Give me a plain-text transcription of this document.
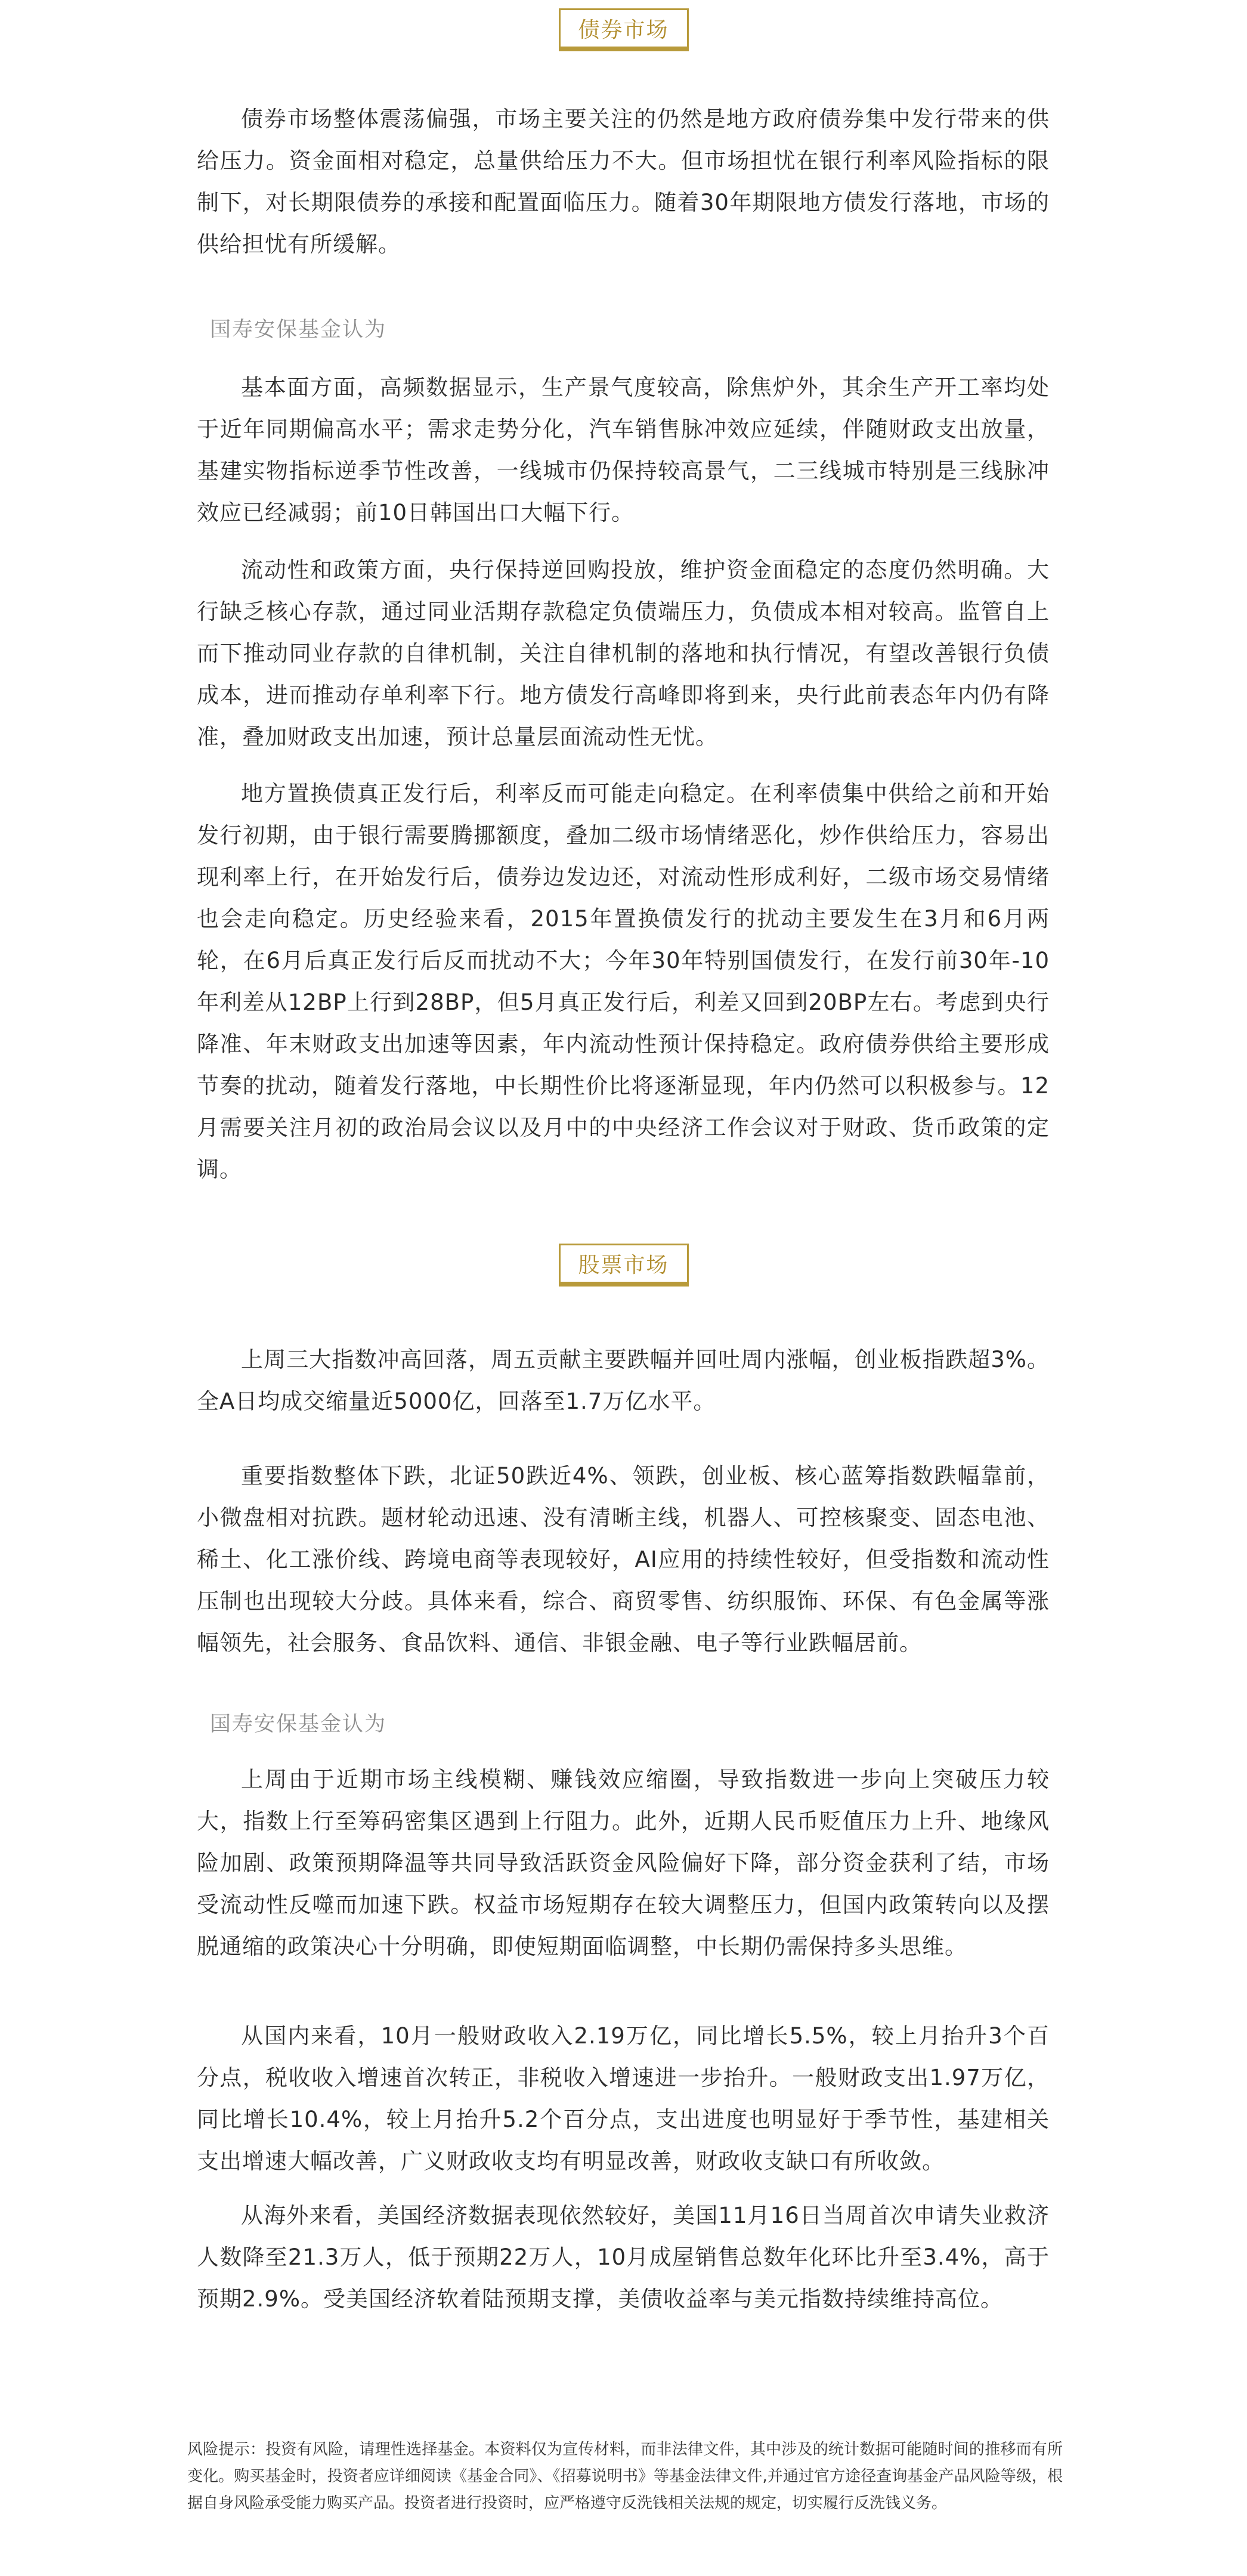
债券市场

债券市场整体震荡偏强，市场主要关注的仍然是地方政府债券集中发行带来的供给压力。资金面相对稳定，总量供给压力不大。但市场担忧在银行利率风险指标的限制下，对长期限债券的承接和配置面临压力。随着30年期限地方债发行落地，市场的供给担忧有所缓解。

国寿安保基金认为

基本面方面，高频数据显示，生产景气度较高，除焦炉外，其余生产开工率均处于近年同期偏高水平；需求走势分化，汽车销售脉冲效应延续，伴随财政支出放量，基建实物指标逆季节性改善，一线城市仍保持较高景气，二三线城市特别是三线脉冲效应已经减弱；前10日韩国出口大幅下行。

流动性和政策方面，央行保持逆回购投放，维护资金面稳定的态度仍然明确。大行缺乏核心存款，通过同业活期存款稳定负债端压力，负债成本相对较高。监管自上而下推动同业存款的自律机制，关注自律机制的落地和执行情况，有望改善银行负债成本，进而推动存单利率下行。地方债发行高峰即将到来，央行此前表态年内仍有降准，叠加财政支出加速，预计总量层面流动性无忧。

地方置换债真正发行后，利率反而可能走向稳定。在利率债集中供给之前和开始发行初期，由于银行需要腾挪额度，叠加二级市场情绪恶化，炒作供给压力，容易出现利率上行，在开始发行后，债券边发边还，对流动性形成利好，二级市场交易情绪也会走向稳定。历史经验来看，2015年置换债发行的扰动主要发生在3月和6月两轮，在6月后真正发行后反而扰动不大；今年30年特别国债发行，在发行前30年-10年利差从12BP上行到28BP，但5月真正发行后，利差又回到20BP左右。考虑到央行降准、年末财政支出加速等因素，年内流动性预计保持稳定。政府债券供给主要形成节奏的扰动，随着发行落地，中长期性价比将逐渐显现，年内仍然可以积极参与。12月需要关注月初的政治局会议以及月中的中央经济工作会议对于财政、货币政策的定调。

股票市场

上周三大指数冲高回落，周五贡献主要跌幅并回吐周内涨幅，创业板指跌超3%。全A日均成交缩量近5000亿，回落至1.7万亿水平。

重要指数整体下跌，北证50跌近4%、领跌，创业板、核心蓝筹指数跌幅靠前，小微盘相对抗跌。题材轮动迅速、没有清晰主线，机器人、可控核聚变、固态电池、稀土、化工涨价线、跨境电商等表现较好，AI应用的持续性较好，但受指数和流动性压制也出现较大分歧。具体来看，综合、商贸零售、纺织服饰、环保、有色金属等涨幅领先，社会服务、食品饮料、通信、非银金融、电子等行业跌幅居前。

国寿安保基金认为

上周由于近期市场主线模糊、赚钱效应缩圈，导致指数进一步向上突破压力较大，指数上行至筹码密集区遇到上行阻力。此外，近期人民币贬值压力上升、地缘风险加剧、政策预期降温等共同导致活跃资金风险偏好下降，部分资金获利了结，市场受流动性反噬而加速下跌。权益市场短期存在较大调整压力，但国内政策转向以及摆脱通缩的政策决心十分明确，即使短期面临调整，中长期仍需保持多头思维。

从国内来看，10月一般财政收入2.19万亿，同比增长5.5%，较上月抬升3个百分点，税收收入增速首次转正，非税收入增速进一步抬升。一般财政支出1.97万亿，同比增长10.4%，较上月抬升5.2个百分点，支出进度也明显好于季节性，基建相关支出增速大幅改善，广义财政收支均有明显改善，财政收支缺口有所收敛。

从海外来看，美国经济数据表现依然较好，美国11月16日当周首次申请失业救济人数降至21.3万人，低于预期22万人，10月成屋销售总数年化环比升至3.4%，高于预期2.9%。受美国经济软着陆预期支撑，美债收益率与美元指数持续维持高位。

风险提示：投资有风险，请理性选择基金。本资料仅为宣传材料，而非法律文件，其中涉及的统计数据可能随时间的推移而有所变化。购买基金时，投资者应详细阅读《基金合同》、《招募说明书》等基金法律文件,并通过官方途径查询基金产品风险等级，根据自身风险承受能力购买产品。投资者进行投资时，应严格遵守反洗钱相关法规的规定，切实履行反洗钱义务。
